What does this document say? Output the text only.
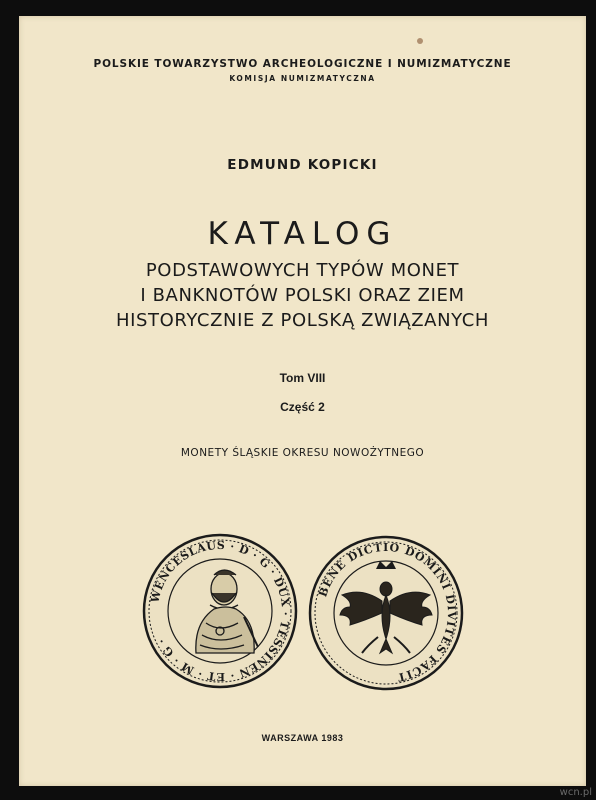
POLSKIE TOWARZYSTWO ARCHEOLOGICZNE I NUMIZMATYCZNE
KOMISJA NUMIZMATYCZNA
EDMUND KOPICKI
KATALOG
PODSTAWOWYCH TYPÓW MONET
I BANKNOTÓW POLSKI ORAZ ZIEM
HISTORYCZNIE Z POLSKĄ ZWIĄZANYCH
Tom VIII
Część 2
MONETY ŚLĄSKIE OKRESU NOWOŻYTNEGO
WENCESLAUS · D · G · DUX · TESSINEN · ET · M · G ·
BENE DICTIO DOMINI DIVITES FACIT
WARSZAWA 1983
wcn.pl
